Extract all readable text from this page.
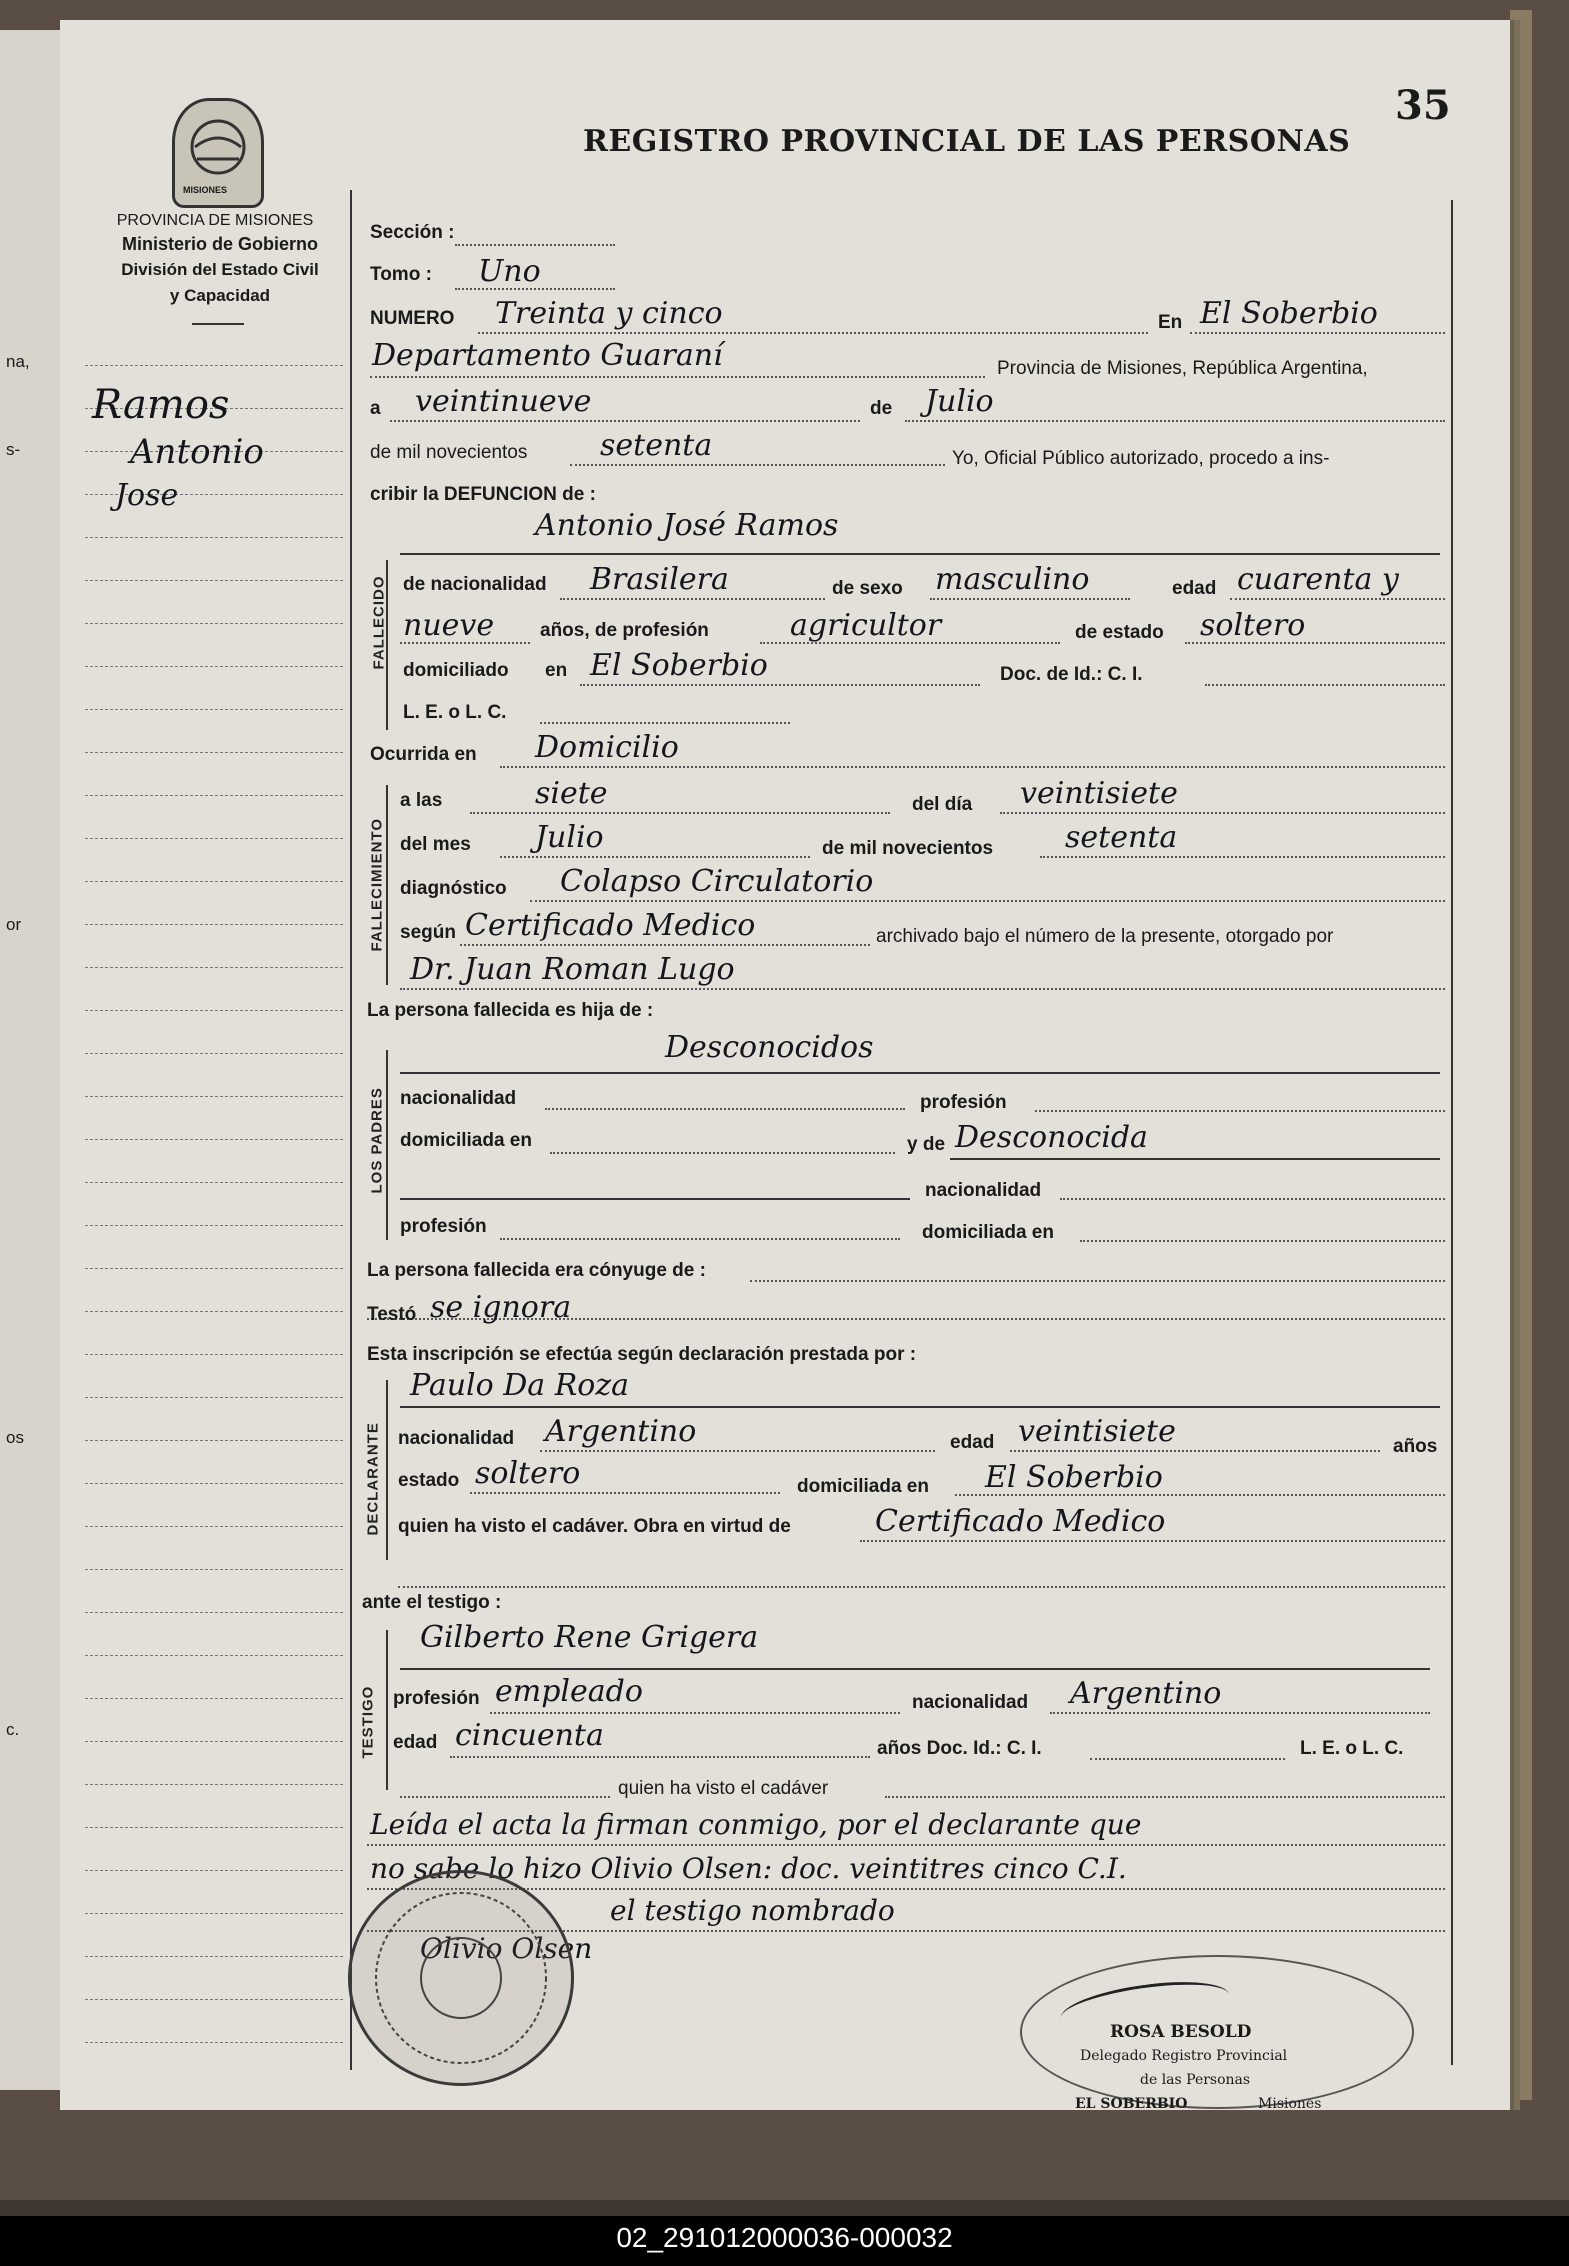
na,
s-
or
os
c.
35
REGISTRO PROVINCIAL DE LAS PERSONAS
MISIONES
PROVINCIA DE MISIONES
Ministerio de Gobierno
División del Estado Civil
y Capacidad
Ramos
Antonio
Jose
FALLECIDO
FALLECIMIENTO
LOS PADRES
DECLARANTE
TESTIGO
Sección :
Tomo : Uno
NUMERO Treinta y cinco	En El Soberbio
Departamento Guaraní	Provincia de Misiones, República Argentina,
a veintinueve	de Julio
de mil novecientos setenta	Yo, Oficial Público autorizado, procedo a ins-
cribir la DEFUNCION de :
Antonio José Ramos
de nacionalidad Brasilera	de sexo masculino	edad cuarenta y
nueve años, de profesión	agricultor	de estado soltero
domiciliado en El Soberbio	Doc. de Id.: C. I.
L. E. o L. C.
Ocurrida en Domicilio
a las	siete	del día veintisiete
del mes Julio	de mil novecientos setenta
diagnóstico Colapso Circulatorio
según Certificado Medico	archivado bajo el número de la presente, otorgado por
Dr. Juan Roman Lugo
La persona fallecida es hija de :
Desconocidos
nacionalidad	profesión
domiciliada en	y de Desconocida
nacionalidad
profesión	domiciliada en
La persona fallecida era cónyuge de :
Testó se ignora
Esta inscripción se efectúa según declaración prestada por :
Paulo Da Roza
nacionalidad Argentino	edad veintisiete	años
estado soltero	domiciliada en El Soberbio
quien ha visto el cadáver. Obra en virtud de	Certificado Medico
ante el testigo :
Gilberto Rene Grigera
profesión empleado	nacionalidad Argentino
edad cincuenta	años Doc. Id.: C. I.	L. E. o L. C.
quien ha visto el cadáver
Leída el acta la firman conmigo, por el declarante que
no sabe lo hizo Olivio Olsen: doc. veintitres cinco C.I.
el testigo nombrado
Olivio Olsen
ROSA BESOLD
Delegado Registro Provincial
de las Personas
EL SOBERBIO	Misiones
02_291012000036-000032
